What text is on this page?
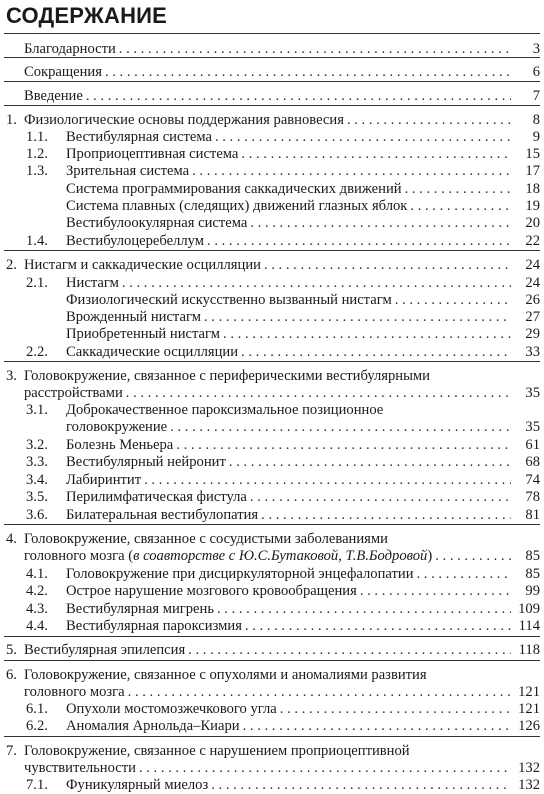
СОДЕРЖАНИЕ
Благодарности . . .	3
Сокращения . . .	6
Введение . . .	7
1. Физиологические основы поддержания равновесия . . .	8
1.1. Вестибулярная система . . .	9
1.2. Проприоцептивная система . . .	15
1.3. Зрительная система . . .	17
Система программирования саккадических движений . . .	18
Система плавных (следящих) движений глазных яблок . . .	19
Вестибулоокулярная система . . .	20
1.4. Вестибулоцеребеллум . . .	22
2. Нистагм и саккадические осцилляции . . .	24
2.1. Нистагм . . .	24
Физиологический искусственно вызванный нистагм . . .	26
Врожденный нистагм . . .	27
Приобретенный нистагм . . .	29
2.2. Саккадические осцилляции . . .	33
3. Головокружение, связанное с периферическими вестибулярными
расстройствами . . .	35
3.1. Доброкачественное пароксизмальное позиционное
головокружение . . .	35
3.2. Болезнь Меньера . . .	61
3.3. Вестибулярный нейронит . . .	68
3.4. Лабиринтит . . .	74
3.5. Перилимфатическая фистула . . .	78
3.6. Билатеральная вестибулопатия . . .	81
4. Головокружение, связанное с сосудистыми заболеваниями
головного мозга (в соавторстве с Ю.С.Бутаковой, Т.В.Бодровой) . . .	85
4.1. Головокружение при дисциркуляторной энцефалопатии . . .	85
4.2. Острое нарушение мозгового кровообращения . . .	99
4.3. Вестибулярная мигрень . . .	109
4.4. Вестибулярная пароксизмия . . .	114
5. Вестибулярная эпилепсия . . .	118
6. Головокружение, связанное с опухолями и аномалиями развития
головного мозга . . .	121
6.1. Опухоли мостомозжечкового угла . . .	121
6.2. Аномалия Арнольда–Киари . . .	126
7. Головокружение, связанное с нарушением проприоцептивной
чувствительности . . .	132
7.1. Фуникулярный миелоз . . .	132
